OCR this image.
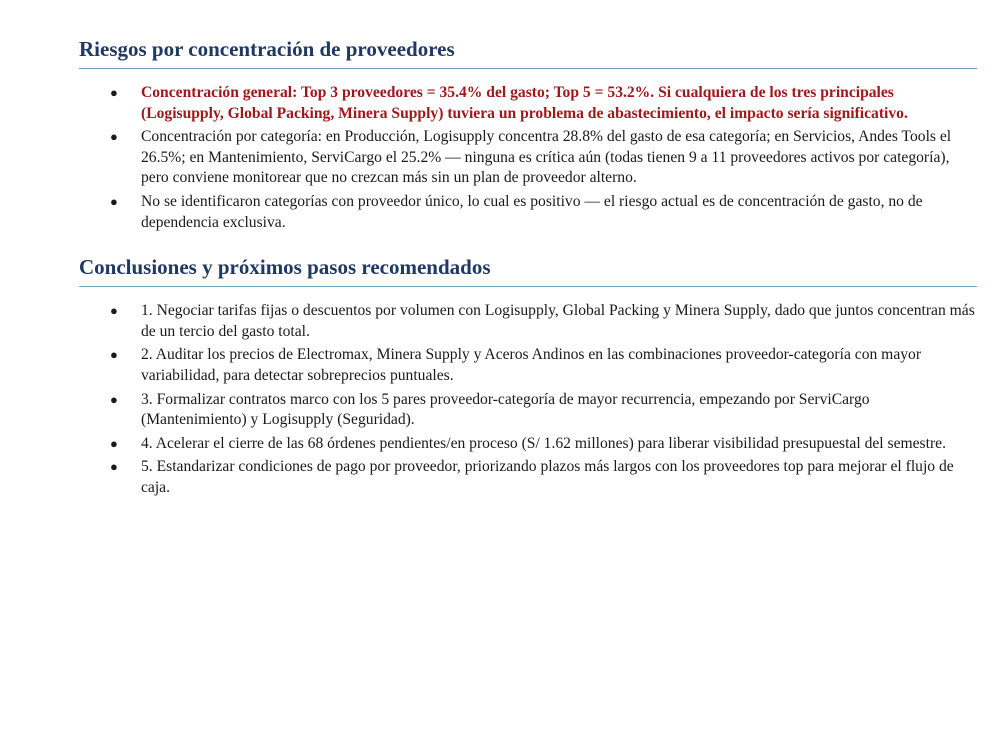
Riesgos por concentración de proveedores
● Concentración general: Top 3 proveedores = 35.4% del gasto; Top 5 = 53.2%. Si cualquiera de los tres principales (Logisupply, Global Packing, Minera Supply) tuviera un problema de abastecimiento, el impacto sería significativo.
● Concentración por categoría: en Producción, Logisupply concentra 28.8% del gasto de esa categoría; en Servicios, Andes Tools el 26.5%; en Mantenimiento, ServiCargo el 25.2% — ninguna es crítica aún (todas tienen 9 a 11 proveedores activos por categoría), pero conviene monitorear que no crezcan más sin un plan de proveedor alterno.
● No se identificaron categorías con proveedor único, lo cual es positivo — el riesgo actual es de concentración de gasto, no de dependencia exclusiva.
Conclusiones y próximos pasos recomendados
● 1. Negociar tarifas fijas o descuentos por volumen con Logisupply, Global Packing y Minera Supply, dado que juntos concentran más de un tercio del gasto total.
● 2. Auditar los precios de Electromax, Minera Supply y Aceros Andinos en las combinaciones proveedor-categoría con mayor variabilidad, para detectar sobreprecios puntuales.
● 3. Formalizar contratos marco con los 5 pares proveedor-categoría de mayor recurrencia, empezando por ServiCargo (Mantenimiento) y Logisupply (Seguridad).
● 4. Acelerar el cierre de las 68 órdenes pendientes/en proceso (S/ 1.62 millones) para liberar visibilidad presupuestal del semestre.
● 5. Estandarizar condiciones de pago por proveedor, priorizando plazos más largos con los proveedores top para mejorar el flujo de caja.
